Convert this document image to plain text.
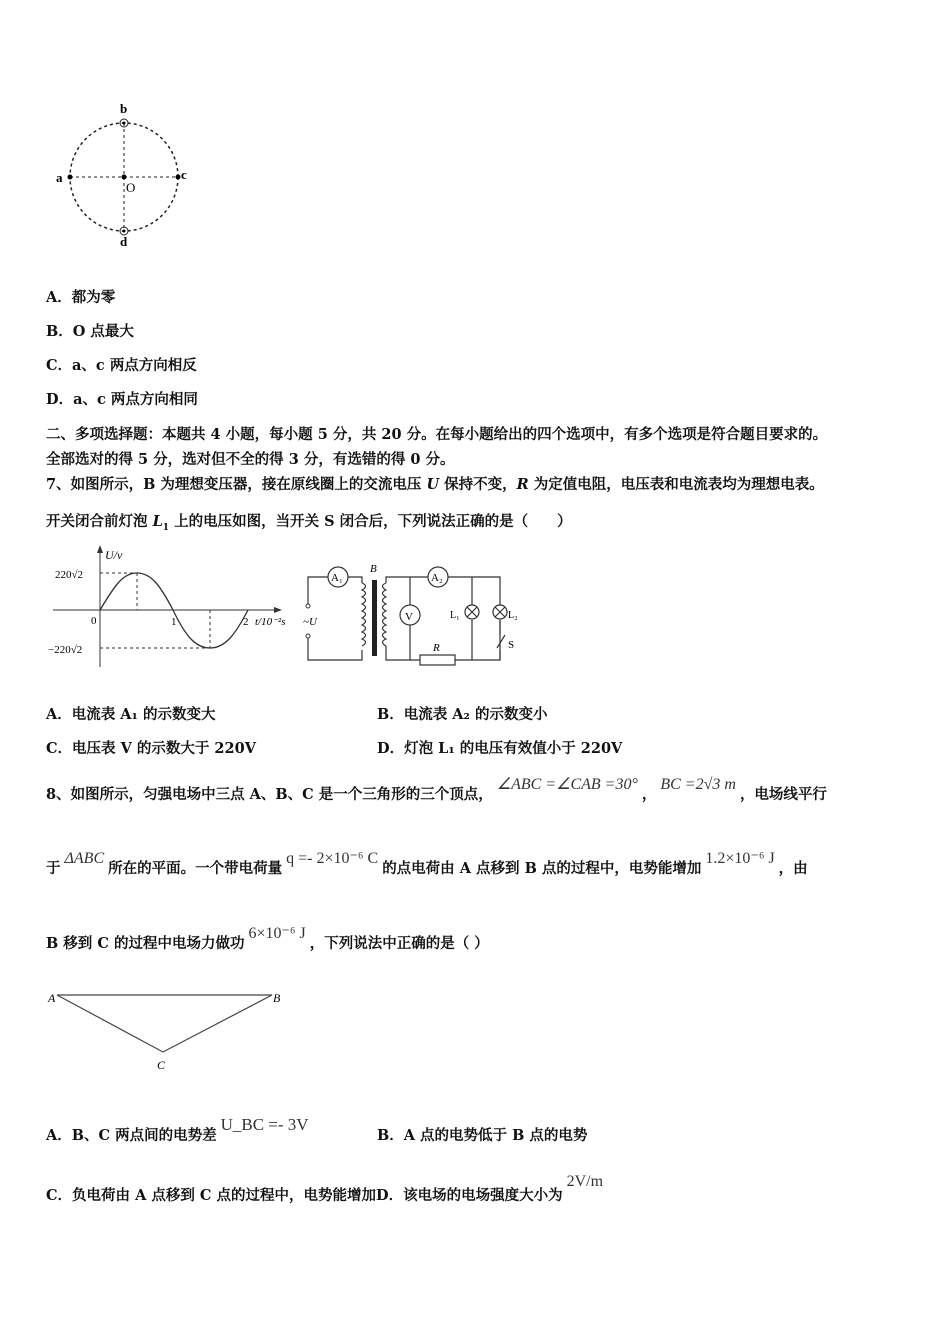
a
b
c
d
O
A．都为零
B．O 点最大
C．a、c 两点方向相反
D．a、c 两点方向相同
二、多项选择题：本题共 4 小题，每小题 5 分，共 20 分。在每小题给出的四个选项中，有多个选项是符合题目要求的。
全部选对的得 5 分，选对但不全的得 3 分，有选错的得 0 分。
7、如图所示，B 为理想变压器，接在原线圈上的交流电压 U 保持不变，R 为定值电阻，电压表和电流表均为理想电表。
开关闭合前灯泡 $L_1$ 上的电压如图，当开关 S 闭合后，下列说法正确的是（　　）
U/v
220√2
−220√2
0	1	2 t/10⁻²s
A₁	A₂
V
B
L₁	L₂
R	S
~U
A．电流表 A₁ 的示数变大	B．电流表 A₂ 的示数变小
C．电压表 V 的示数大于 220V	D．灯泡 L₁ 的电压有效值小于 220V
8、如图所示，匀强电场中三点 A、B、C 是一个三角形的三个顶点，∠ABC =∠CAB =30°，BC =2√3 m，电场线平行
于ΔABC所在的平面。一个带电荷量q =- 2×10⁻⁶ C的点电荷由 A 点移到 B 点的过程中，电势能增加1.2×10⁻⁶ J，由
B 移到 C 的过程中电场力做功6×10⁻⁶ J，下列说法中正确的是（ ）
A	B
C
A．B、C 两点间的电势差U_BC =- 3V
B．A 点的电势低于 B 点的电势
C．负电荷由 A 点移到 C 点的过程中，电势能增加D．该电场的电场强度大小为2V/m
